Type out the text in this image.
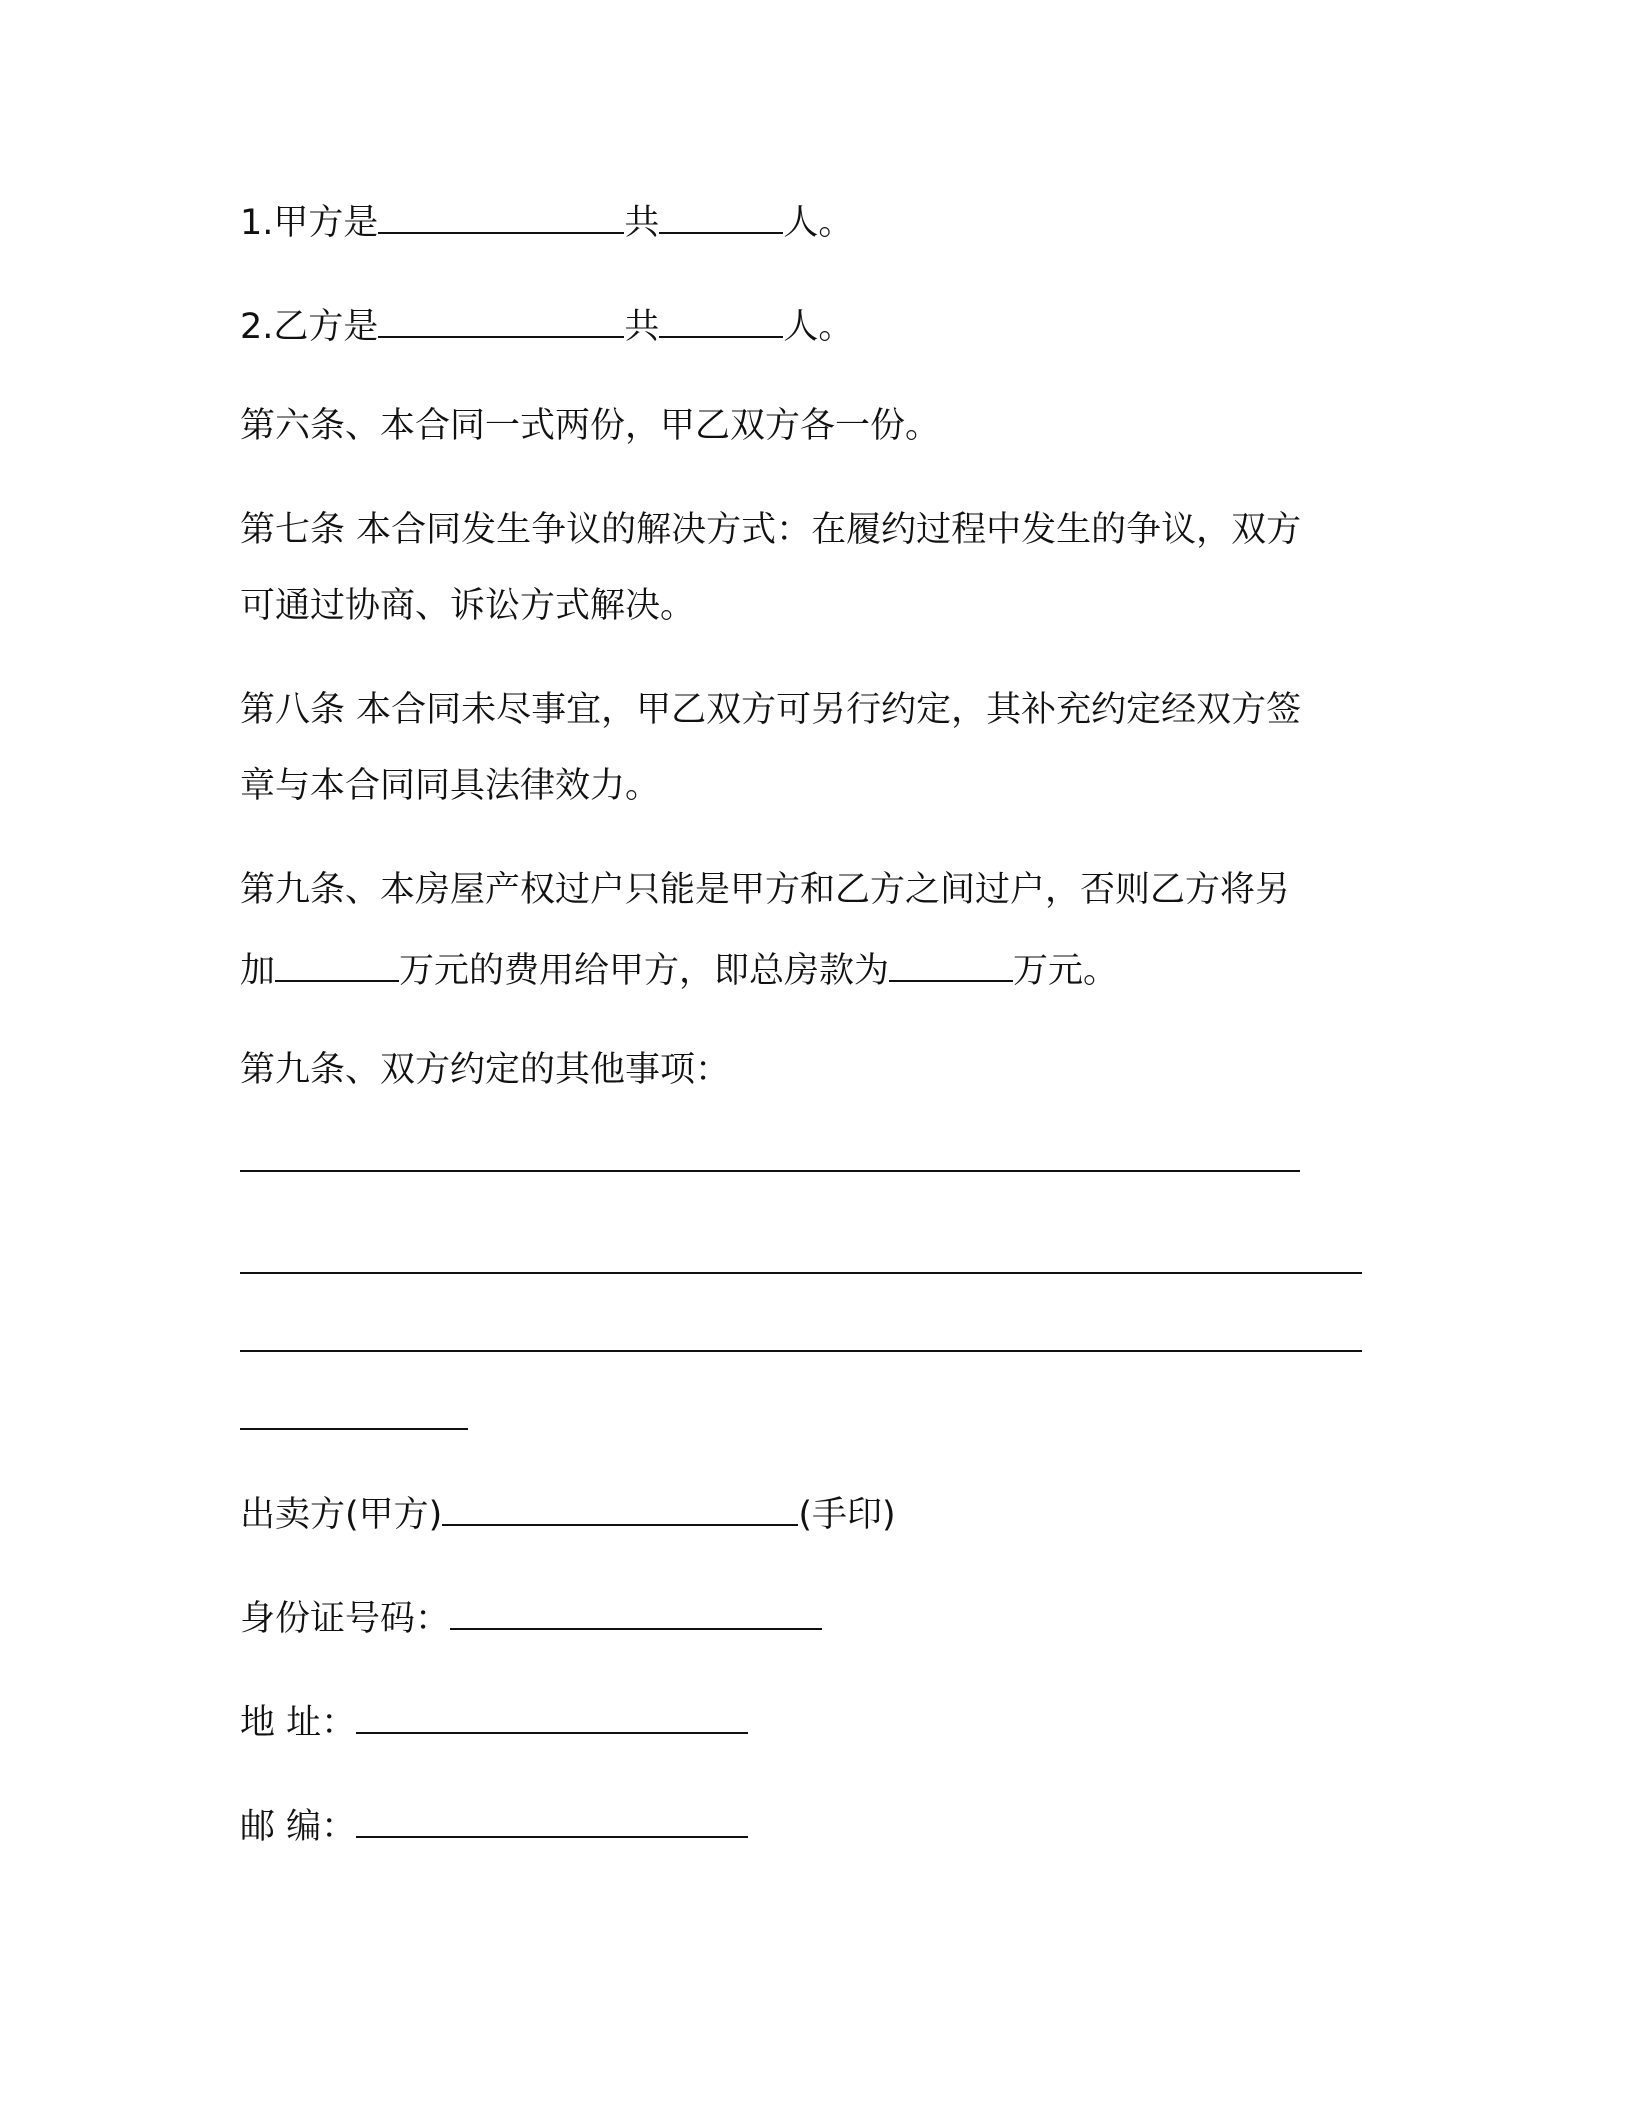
1.甲方是	共	人。
2.乙方是	共	人。
第六条、本合同一式两份，甲乙双方各一份。
第七条 本合同发生争议的解决方式：在履约过程中发生的争议，双方
可通过协商、诉讼方式解决。
第八条 本合同未尽事宜，甲乙双方可另行约定，其补充约定经双方签
章与本合同同具法律效力。
第九条、本房屋产权过户只能是甲方和乙方之间过户，否则乙方将另
加	万元的费用给甲方，即总房款为	万元。
第九条、双方约定的其他事项：
出卖方(甲方)	(手印)
身份证号码：
地 址：
邮 编：
